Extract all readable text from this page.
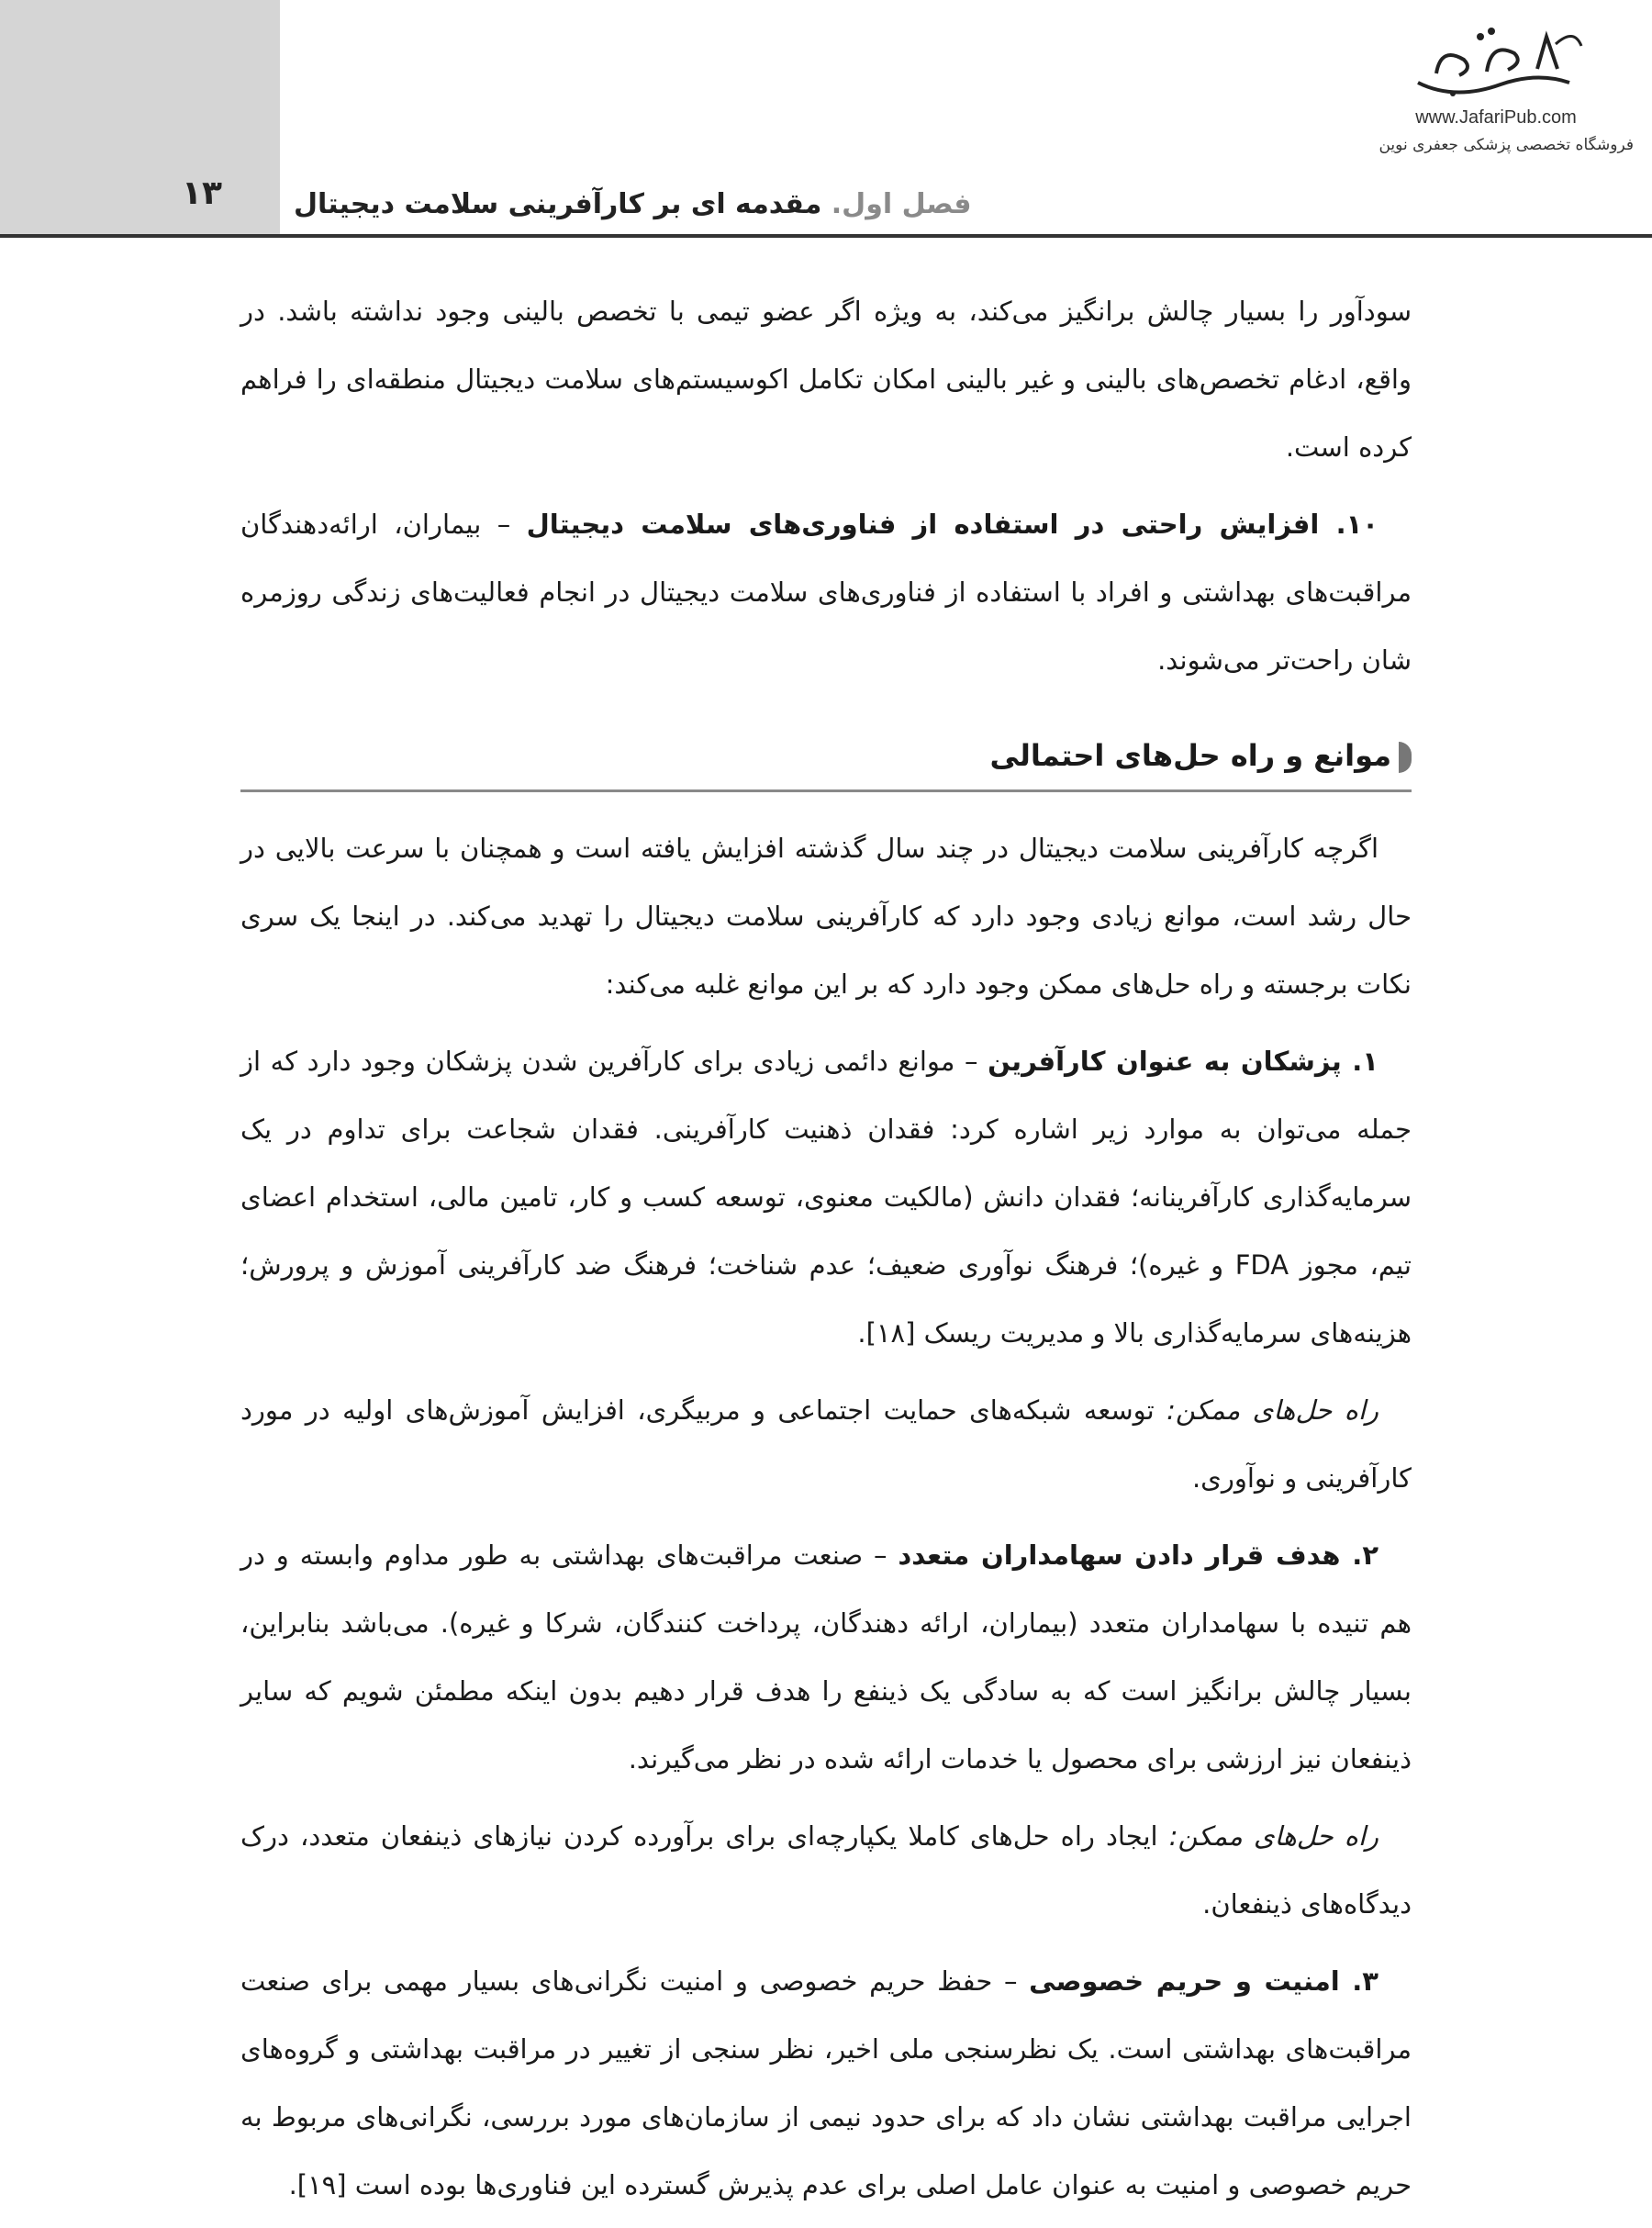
۱۳	فصل اول. مقدمه ای بر کارآفرینی سلامت دیجیتال
www.JafariPub.com
فروشگاه تخصصی پزشکی جعفری نوین

سودآور را بسیار چالش برانگیز می‌کند، به ویژه اگر عضو تیمی با تخصص بالینی وجود نداشته باشد. در واقع، ادغام تخصص‌های بالینی و غیر بالینی امکان تکامل اکوسیستم‌های سلامت دیجیتال منطقه‌ای را فراهم کرده است.

۱۰. افزایش راحتی در استفاده از فناوری‌های سلامت دیجیتال – بیماران، ارائه‌دهندگان مراقبت‌های بهداشتی و افراد با استفاده از فناوری‌های سلامت دیجیتال در انجام فعالیت‌های زندگی روزمره شان راحت‌تر می‌شوند.

موانع و راه حل‌های احتمالی

اگرچه کارآفرینی سلامت دیجیتال در چند سال گذشته افزایش یافته است و همچنان با سرعت بالایی در حال رشد است، موانع زیادی وجود دارد که کارآفرینی سلامت دیجیتال را تهدید می‌کند. در اینجا یک سری نکات برجسته و راه حل‌های ممکن وجود دارد که بر این موانع غلبه می‌کند:

۱. پزشکان به عنوان کارآفرین – موانع دائمی زیادی برای کارآفرین شدن پزشکان وجود دارد که از جمله می‌توان به موارد زیر اشاره کرد: فقدان ذهنیت کارآفرینی. فقدان شجاعت برای تداوم در یک سرمایه‌گذاری کارآفرینانه؛ فقدان دانش (مالکیت معنوی، توسعه کسب و کار، تامین مالی، استخدام اعضای تیم، مجوز FDA و غیره)؛ فرهنگ نوآوری ضعیف؛ عدم شناخت؛ فرهنگ ضد کارآفرینی آموزش و پرورش؛ هزینه‌های سرمایه‌گذاری بالا و مدیریت ریسک [۱۸].

راه حل‌های ممکن: توسعه شبکه‌های حمایت اجتماعی و مربیگری، افزایش آموزش‌های اولیه در مورد کارآفرینی و نوآوری.

۲. هدف قرار دادن سهامداران متعدد – صنعت مراقبت‌های بهداشتی به طور مداوم وابسته و در هم تنیده با سهامداران متعدد (بیماران، ارائه دهندگان، پرداخت کنندگان، شرکا و غیره). می‌باشد بنابراین، بسیار چالش برانگیز است که به سادگی یک ذینفع را هدف قرار دهیم بدون اینکه مطمئن شویم که سایر ذینفعان نیز ارزشی برای محصول یا خدمات ارائه شده در نظر می‌گیرند.

راه حل‌های ممکن: ایجاد راه حل‌های کاملا یکپارچه‌ای برای برآورده کردن نیازهای ذینفعان متعدد، درک دیدگاه‌های ذینفعان.

۳. امنیت و حریم خصوصی – حفظ حریم خصوصی و امنیت نگرانی‌های بسیار مهمی برای صنعت مراقبت‌های بهداشتی است. یک نظرسنجی ملی اخیر، نظر سنجی از تغییر در مراقبت بهداشتی و گروه‌های اجرایی مراقبت بهداشتی نشان داد که برای حدود نیمی از سازمان‌های مورد بررسی، نگرانی‌های مربوط به حریم خصوصی و امنیت به عنوان عامل اصلی برای عدم پذیرش گسترده این فناوری‌ها بوده است [۱۹].
